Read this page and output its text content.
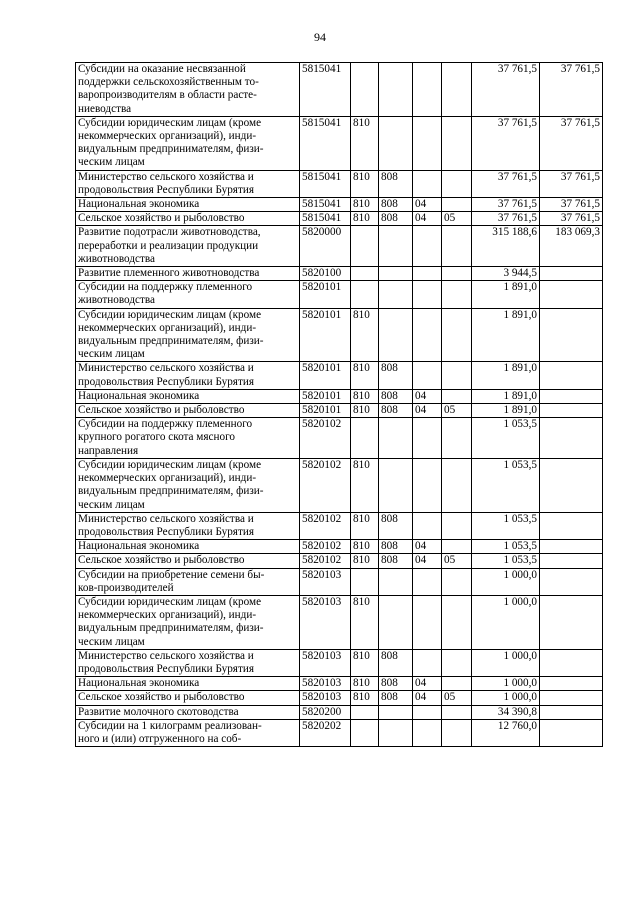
94
Субсидии на оказание несвязанной
поддержки сельскохозяйственным то-
варопроизводителям в области расте-
ниеводства	5815041					37 761,5	37 761,5
Субсидии юридическим лицам (кроме
некоммерческих организаций), инди-
видуальным предпринимателям, физи-
ческим лицам	5815041	810				37 761,5	37 761,5
Министерство сельского хозяйства и
продовольствия Республики Бурятия	5815041	810	808			37 761,5	37 761,5
Национальная экономика	5815041	810	808	04		37 761,5	37 761,5
Сельское хозяйство и рыболовство	5815041	810	808	04	05	37 761,5	37 761,5
Развитие подотрасли животноводства,
переработки и реализации продукции
животноводства	5820000					315 188,6	183 069,3
Развитие племенного животноводства	5820100					3 944,5	
Субсидии на поддержку племенного
животноводства	5820101					1 891,0	
Субсидии юридическим лицам (кроме
некоммерческих организаций), инди-
видуальным предпринимателям, физи-
ческим лицам	5820101	810				1 891,0	
Министерство сельского хозяйства и
продовольствия Республики Бурятия	5820101	810	808			1 891,0	
Национальная экономика	5820101	810	808	04		1 891,0	
Сельское хозяйство и рыболовство	5820101	810	808	04	05	1 891,0	
Субсидии на поддержку племенного
крупного рогатого скота мясного
направления	5820102					1 053,5	
Субсидии юридическим лицам (кроме
некоммерческих организаций), инди-
видуальным предпринимателям, физи-
ческим лицам	5820102	810				1 053,5	
Министерство сельского хозяйства и
продовольствия Республики Бурятия	5820102	810	808			1 053,5	
Национальная экономика	5820102	810	808	04		1 053,5	
Сельское хозяйство и рыболовство	5820102	810	808	04	05	1 053,5	
Субсидии на приобретение семени бы-
ков-производителей	5820103					1 000,0	
Субсидии юридическим лицам (кроме
некоммерческих организаций), инди-
видуальным предпринимателям, физи-
ческим лицам	5820103	810				1 000,0	
Министерство сельского хозяйства и
продовольствия Республики Бурятия	5820103	810	808			1 000,0	
Национальная экономика	5820103	810	808	04		1 000,0	
Сельское хозяйство и рыболовство	5820103	810	808	04	05	1 000,0	
Развитие молочного скотоводства	5820200					34 390,8	
Субсидии на 1 килограмм реализован-
ного и (или) отгруженного на соб-	5820202					12 760,0	
